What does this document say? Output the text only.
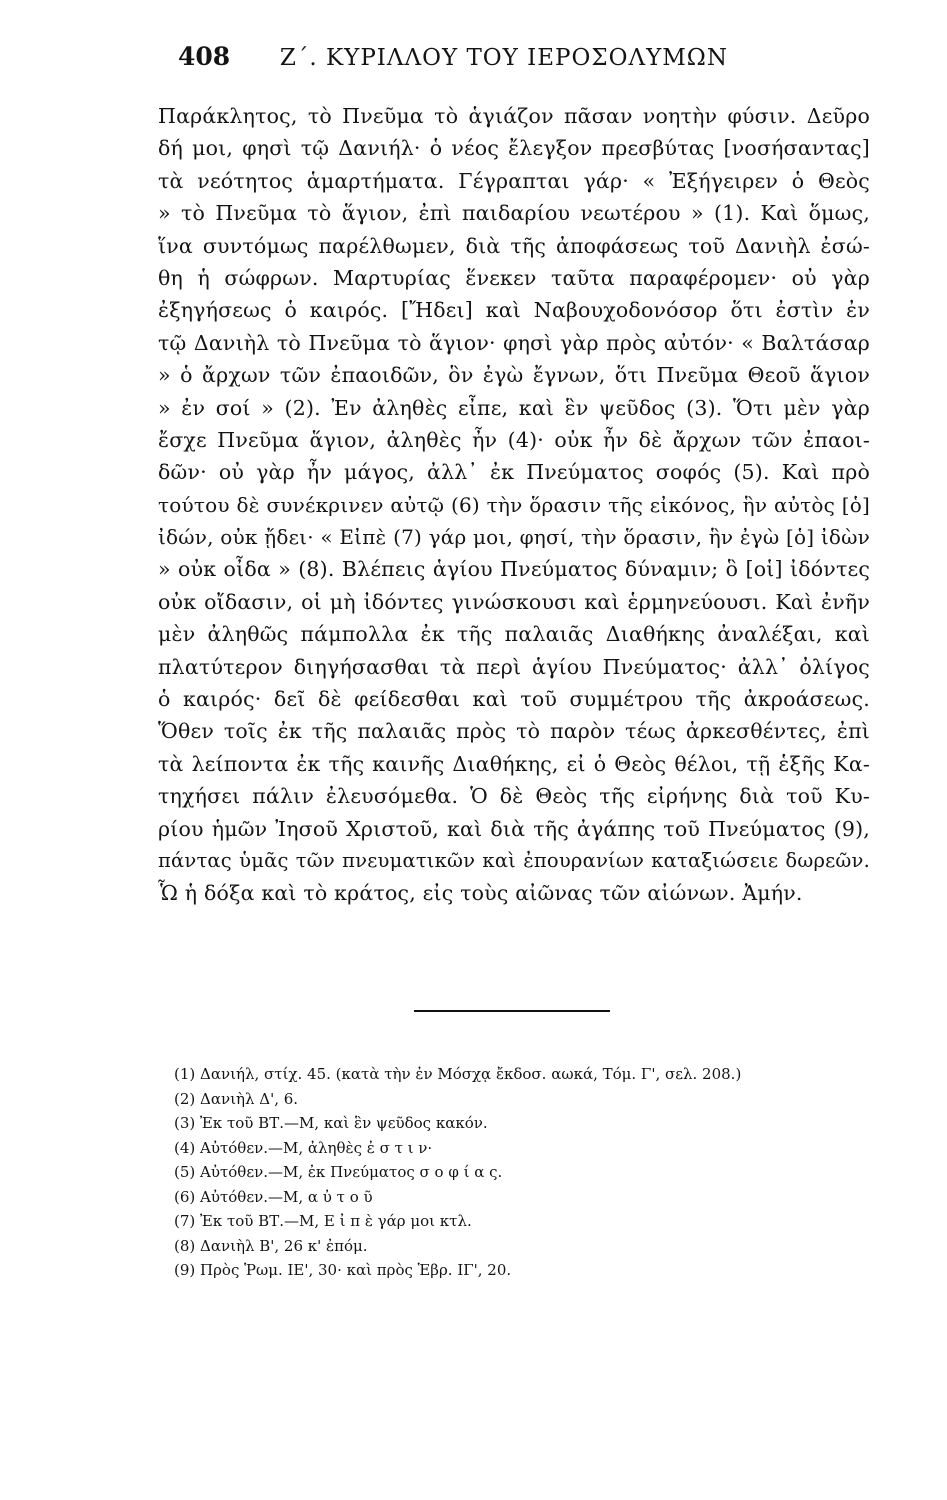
408	Ζ΄. ΚΥΡΙΛΛΟΥ ΤΟΥ ΙΕΡΟΣΟΛΥΜΩΝ
Παράκλητος, τὸ Πνεῦμα τὸ ἁγιάζον πᾶσαν νοητὴν φύσιν. Δεῦρο
δή μοι, φησὶ τῷ Δανιήλ· ὁ νέος ἔλεγξον πρεσβύτας [νοσήσαντας]
τὰ νεότητος ἁμαρτήματα. Γέγραπται γάρ· « Ἐξήγειρεν ὁ Θεὸς
» τὸ Πνεῦμα τὸ ἅγιον, ἐπὶ παιδαρίου νεωτέρου » (1). Καὶ ὅμως,
ἵνα συντόμως παρέλθωμεν, διὰ τῆς ἀποφάσεως τοῦ Δανιὴλ ἐσώ-
θη ἡ σώφρων. Μαρτυρίας ἕνεκεν ταῦτα παραφέρομεν· οὐ γὰρ
ἐξηγήσεως ὁ καιρός. [Ἤδει] καὶ Ναβουχοδονόσορ ὅτι ἐστὶν ἐν
τῷ Δανιὴλ τὸ Πνεῦμα τὸ ἅγιον· φησὶ γὰρ πρὸς αὐτόν· « Βαλτάσαρ
» ὁ ἄρχων τῶν ἐπαοιδῶν, ὃν ἐγὼ ἔγνων, ὅτι Πνεῦμα Θεοῦ ἅγιον
» ἐν σοί » (2). Ἐν ἀληθὲς εἶπε, καὶ ἓν ψεῦδος (3). Ὅτι μὲν γὰρ
ἔσχε Πνεῦμα ἅγιον, ἀληθὲς ἦν (4)· οὐκ ἦν δὲ ἄρχων τῶν ἐπαοι-
δῶν· οὐ γὰρ ἦν μάγος, ἀλλ᾽ ἐκ Πνεύματος σοφός (5). Καὶ πρὸ
τούτου δὲ συνέκρινεν αὐτῷ (6) τὴν ὅρασιν τῆς εἰκόνος, ἣν αὐτὸς [ὁ]
ἰδών, οὐκ ᾔδει· « Εἰπὲ (7) γάρ μοι, φησί, τὴν ὅρασιν, ἣν ἐγὼ [ὁ] ἰδὼν
» οὐκ οἶδα » (8). Βλέπεις ἁγίου Πνεύματος δύναμιν; ὃ [οἱ] ἰδόντες
οὐκ οἴδασιν, οἱ μὴ ἰδόντες γινώσκουσι καὶ ἑρμηνεύουσι. Καὶ ἐνῆν
μὲν ἀληθῶς πάμπολλα ἐκ τῆς παλαιᾶς Διαθήκης ἀναλέξαι, καὶ
πλατύτερον διηγήσασθαι τὰ περὶ ἁγίου Πνεύματος· ἀλλ᾽ ὀλίγος
ὁ καιρός· δεῖ δὲ φείδεσθαι καὶ τοῦ συμμέτρου τῆς ἀκροάσεως.
Ὅθεν τοῖς ἐκ τῆς παλαιᾶς πρὸς τὸ παρὸν τέως ἀρκεσθέντες, ἐπὶ
τὰ λείποντα ἐκ τῆς καινῆς Διαθήκης, εἰ ὁ Θεὸς θέλοι, τῇ ἑξῆς Κα-
τηχήσει πάλιν ἐλευσόμεθα. Ὁ δὲ Θεὸς τῆς εἰρήνης διὰ τοῦ Κυ-
ρίου ἡμῶν Ἰησοῦ Χριστοῦ, καὶ διὰ τῆς ἀγάπης τοῦ Πνεύματος (9),
πάντας ὑμᾶς τῶν πνευματικῶν καὶ ἐπουρανίων καταξιώσειε δωρεῶν.
Ὧ ἡ δόξα καὶ τὸ κράτος, εἰς τοὺς αἰῶνας τῶν αἰώνων. Ἀμήν.
(1) Δανιήλ, στίχ. 45. (κατὰ τὴν ἐν Μόσχᾳ ἔκδοσ. αωκά, Τόμ. Γ', σελ. 208.)
(2) Δανιὴλ Δ', 6.
(3) Ἐκ τοῦ ΒΤ.—Μ, καὶ ἓν ψεῦδος κακόν.
(4) Αὐτόθεν.—Μ, ἀληθὲς ἐ σ τ ι ν·
(5) Αὐτόθεν.—Μ, ἐκ Πνεύματος σ ο φ ί α ς.
(6) Αὐτόθεν.—Μ, α ὐ τ ο ῦ
(7) Ἐκ τοῦ ΒΤ.—Μ, Ε ἰ π ὲ γάρ μοι κτλ.
(8) Δανιὴλ Β', 26 κ' ἐπόμ.
(9) Πρὸς Ῥωμ. ΙΕ', 30· καὶ πρὸς Ἑβρ. ΙΓ', 20.
